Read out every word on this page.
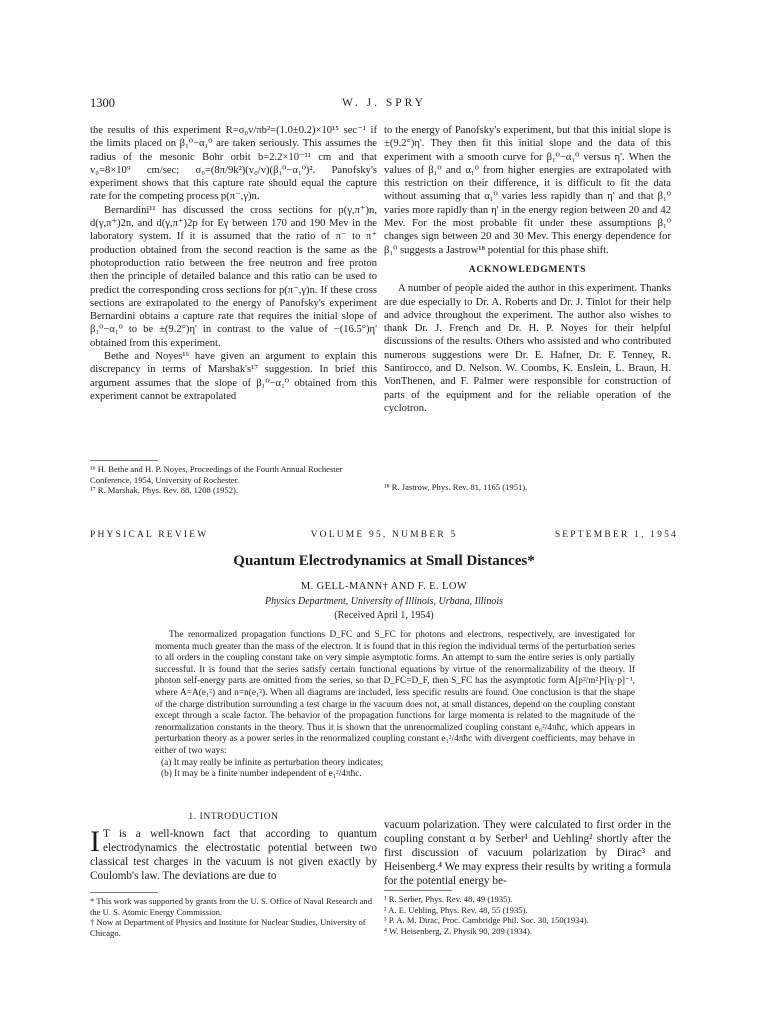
1300	W. J. SPRY

the results of this experiment R=σ₀v/πb²=(1.0±0.2)×10¹⁵ sec⁻¹ if the limits placed on β₁⁰−α₁⁰ are taken seriously. This assumes the radius of the mesonic Bohr orbit b=2.2×10⁻¹¹ cm and that v₀=8×10⁹ cm/sec; σ₀=(8π/9k²)(v₀/v)(β₁⁰−α₁⁰)². Panofsky's experiment shows that this capture rate should equal the capture rate for the competing process p(π⁻,γ)n.

Bernardini¹¹ has discussed the cross sections for p(γ,π⁺)n, d(γ,π⁺)2n, and d(γ,π⁺)2p for Eγ between 170 and 190 Mev in the laboratory system. If it is assumed that the ratio of π⁻ to π⁺ production obtained from the second reaction is the same as the photoproduction ratio between the free neutron and free proton then the principle of detailed balance and this ratio can be used to predict the corresponding cross sections for p(π⁻,γ)n. If these cross sections are extrapolated to the energy of Panofsky's experiment Bernardini obtains a capture rate that requires the initial slope of β₁⁰−α₁⁰ to be ±(9.2°)η' in contrast to the value of −(16.5°)η' obtained from this experiment.

Bethe and Noyes¹⁶ have given an argument to explain this discrepancy in terms of Marshak's¹⁷ suggestion. In brief this argument assumes that the slope of β₁⁰−α₁⁰ obtained from this experiment cannot be extrapolated

to the energy of Panofsky's experiment, but that this initial slope is ±(9.2°)η'. They then fit this initial slope and the data of this experiment with a smooth curve for β₁⁰−α₁⁰ versus η'. When the values of β₁⁰ and α₁⁰ from higher energies are extrapolated with this restriction on their difference, it is difficult to fit the data without assuming that α₁⁰ varies less rapidly than η' and that β₁⁰ varies more rapidly than η' in the energy region between 20 and 42 Mev. For the most probable fit under these assumptions β₁⁰ changes sign between 20 and 30 Mev. This energy dependence for β₁⁰ suggests a Jastrow¹⁸ potential for this phase shift.

ACKNOWLEDGMENTS

A number of people aided the author in this experiment. Thanks are due especially to Dr. A. Roberts and Dr. J. Tinlot for their help and advice throughout the experiment. The author also wishes to thank Dr. J. French and Dr. H. P. Noyes for their helpful discussions of the results. Others who assisted and who contributed numerous suggestions were Dr. E. Hafner, Dr. F. Tenney, R. Santirocco, and D. Nelson. W. Coombs, K. Enslein, L. Braun, H. VonThenen, and F. Palmer were responsible for construction of parts of the equipment and for the reliable operation of the cyclotron.

¹⁶ H. Bethe and H. P. Noyes, Proceedings of the Fourth Annual Rochester Conference, 1954, University of Rochester.
¹⁷ R. Marshak, Phys. Rev. 88, 1208 (1952).	¹⁸ R. Jastrow, Phys. Rev. 81, 1165 (1951).
PHYSICAL REVIEW	VOLUME 95, NUMBER 5	SEPTEMBER 1, 1954
Quantum Electrodynamics at Small Distances*
M. GELL-MANN† AND F. E. LOW
Physics Department, University of Illinois, Urbana, Illinois
(Received April 1, 1954)

The renormalized propagation functions D_FC and S_FC for photons and electrons, respectively, are investigated for momenta much greater than the mass of the electron. It is found that in this region the individual terms of the perturbation series to all orders in the coupling constant take on very simple asymptotic forms. An attempt to sum the entire series is only partially successful. It is found that the series satisfy certain functional equations by virtue of the renormalizability of the theory. If photon self-energy parts are omitted from the series, so that D_FC=D_F, then S_FC has the asymptotic form A[p²/m²]ⁿ[iγ·p]⁻¹, where A=A(e₁²) and n=n(e₁²). When all diagrams are included, less specific results are found. One conclusion is that the shape of the charge distribution surrounding a test charge in the vacuum does not, at small distances, depend on the coupling constant except through a scale factor. The behavior of the propagation functions for large momenta is related to the magnitude of the renormalization constants in the theory. Thus it is shown that the unrenormalized coupling constant e₀²/4πħc, which appears in perturbation theory as a power series in the renormalized coupling constant e₁²/4πħc with divergent coefficients, may behave in either of two ways:

(a) It may really be infinite as perturbation theory indicates;

(b) It may be a finite number independent of e₁²/4πħc.

1. INTRODUCTION
I T is a well-known fact that according to quantum electrodynamics the electrostatic potential between two classical test charges in the vacuum is not given exactly by Coulomb's law. The deviations are due to
vacuum polarization. They were calculated to first order in the coupling constant α by Serber¹ and Uehling² shortly after the first discussion of vacuum polarization by Dirac³ and Heisenberg.⁴ We may express their results by writing a formula for the potential energy be-
* This work was supported by grants from the U. S. Office of Naval Research and the U. S. Atomic Energy Commission.
† Now at Department of Physics and Institute for Nuclear Studies, University of Chicago.
¹ R. Serber, Phys. Rev. 48, 49 (1935).
² A. E. Uehling, Phys. Rev. 48, 55 (1935).
³ P. A. M. Dirac, Proc. Cambridge Phil. Soc. 30, 150(1934).
⁴ W. Heisenberg, Z. Physik 90, 209 (1934).
